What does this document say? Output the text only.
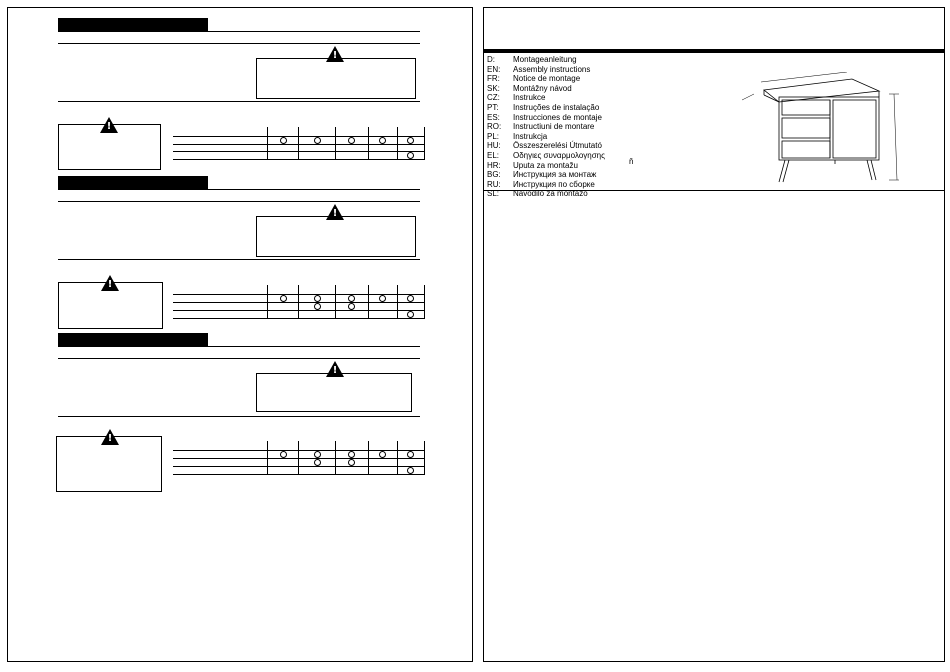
!
!

!
!

!
!

D:	Montageanleitung
EN:	Assembly instructions
FR:	Notice de montage
SK:	Montážny návod
CZ:	Instrukce
PT:	Instruções de instalação
ES:	Instrucciones de montaje
RO:	Instructiuni de montare
PL:	Instrukcja
HU:	Összeszerelési Útmutató
EL:	Οδηγιες συναρμολογησης
HR:	Uputa za montažu
BG:	Инструкция за монтаж
RU:	Инструкция по сборке
SL:	Navodilo za montažo
ň
